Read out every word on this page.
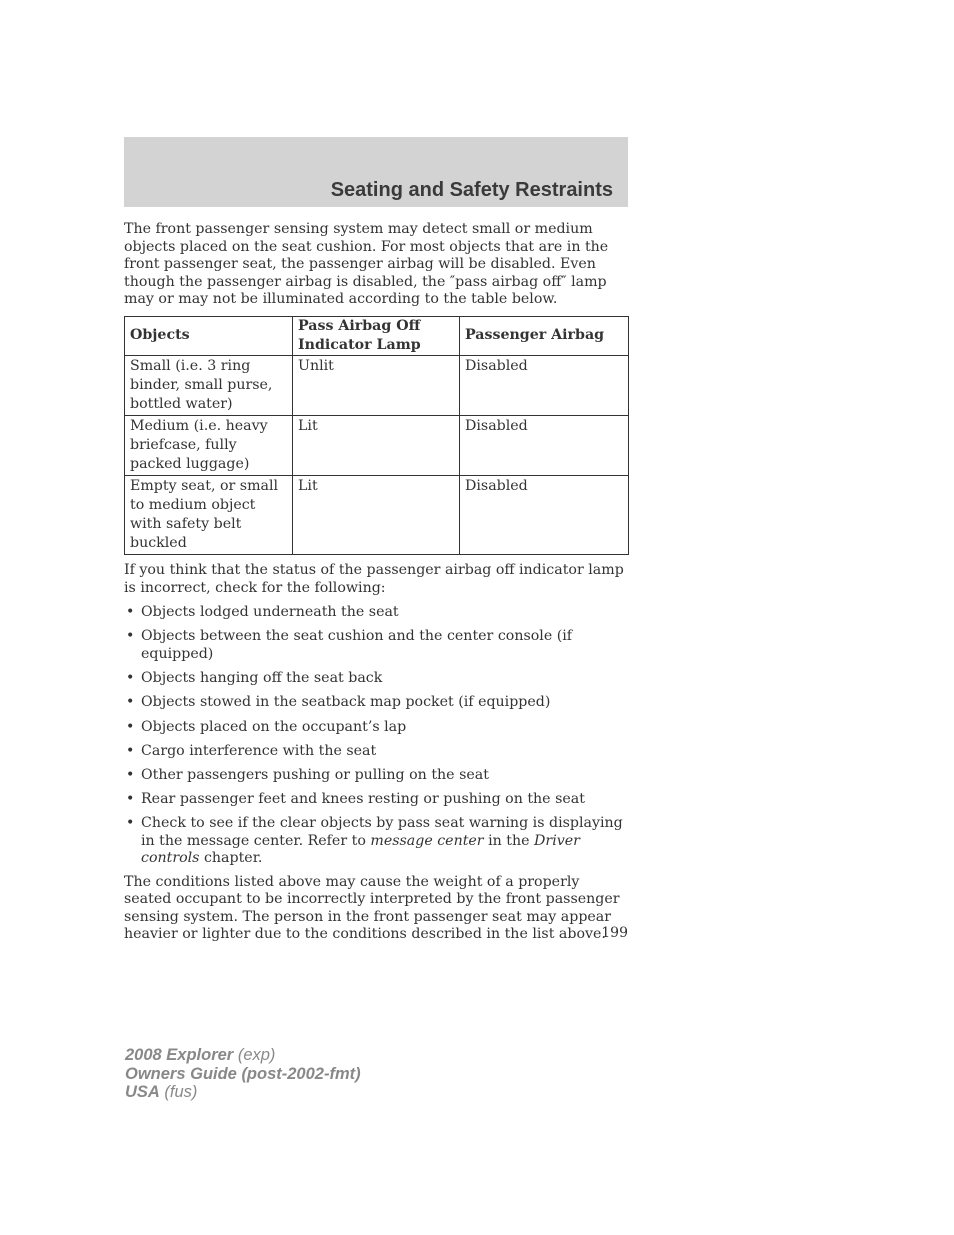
Seating and Safety Restraints

The front passenger sensing system may detect small or medium objects placed on the seat cushion. For most objects that are in the front passenger seat, the passenger airbag will be disabled. Even though the passenger airbag is disabled, the ″pass airbag off″ lamp may or may not be illuminated according to the table below.

Objects	Pass Airbag Off Indicator Lamp	Passenger Airbag
Small (i.e. 3 ring binder, small purse, bottled water)	Unlit	Disabled
Medium (i.e. heavy briefcase, fully packed luggage)	Lit	Disabled
Empty seat, or small to medium object with safety belt buckled	Lit	Disabled

If you think that the status of the passenger airbag off indicator lamp is incorrect, check for the following:

• Objects lodged underneath the seat
• Objects between the seat cushion and the center console (if equipped)
• Objects hanging off the seat back
• Objects stowed in the seatback map pocket (if equipped)
• Objects placed on the occupant’s lap
• Cargo interference with the seat
• Other passengers pushing or pulling on the seat
• Rear passenger feet and knees resting or pushing on the seat
• Check to see if the clear objects by pass seat warning is displaying in the message center. Refer to message center in the Driver controls chapter.

The conditions listed above may cause the weight of a properly seated occupant to be incorrectly interpreted by the front passenger sensing system. The person in the front passenger seat may appear heavier or lighter due to the conditions described in the list above.

199
2008 Explorer (exp)
Owners Guide (post-2002-fmt)
USA (fus)
